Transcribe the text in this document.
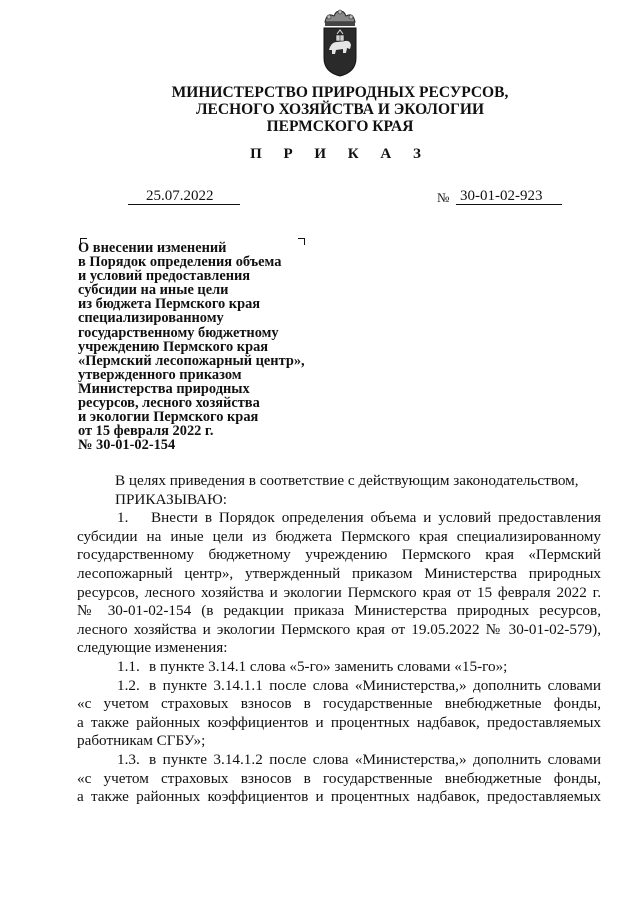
МИНИСТЕРСТВО ПРИРОДНЫХ РЕСУРСОВ,
ЛЕСНОГО ХОЗЯЙСТВА И ЭКОЛОГИИ
ПЕРМСКОГО КРАЯ
П Р И К А З
25.07.2022	№ 30-01-02-923
О внесении изменений
в Порядок определения объема
и условий предоставления
субсидии на иные цели
из бюджета Пермского края
специализированному
государственному бюджетному
учреждению Пермского края
«Пермский лесопожарный центр»,
утвержденного приказом
Министерства природных
ресурсов, лесного хозяйства
и экологии Пермского края
от 15 февраля 2022 г.
№ 30-01-02-154
В целях приведения в соответствие с действующим законодательством,
ПРИКАЗЫВАЮ:
1. Внести в Порядок определения объема и условий предоставления
субсидии на иные цели из бюджета Пермского края специализированному
государственному бюджетному учреждению Пермского края «Пермский
лесопожарный центр», утвержденный приказом Министерства природных
ресурсов, лесного хозяйства и экологии Пермского края от 15 февраля 2022 г.
№ 30-01-02-154 (в редакции приказа Министерства природных ресурсов,
лесного хозяйства и экологии Пермского края от 19.05.2022 № 30-01-02-579),
следующие изменения:
1.1. в пункте 3.14.1 слова «5-го» заменить словами «15-го»;
1.2. в пункте 3.14.1.1 после слова «Министерства,» дополнить словами
«с учетом страховых взносов в государственные внебюджетные фонды,
а также районных коэффициентов и процентных надбавок, предоставляемых
работникам СГБУ»;
1.3. в пункте 3.14.1.2 после слова «Министерства,» дополнить словами
«с учетом страховых взносов в государственные внебюджетные фонды,
а также районных коэффициентов и процентных надбавок, предоставляемых
